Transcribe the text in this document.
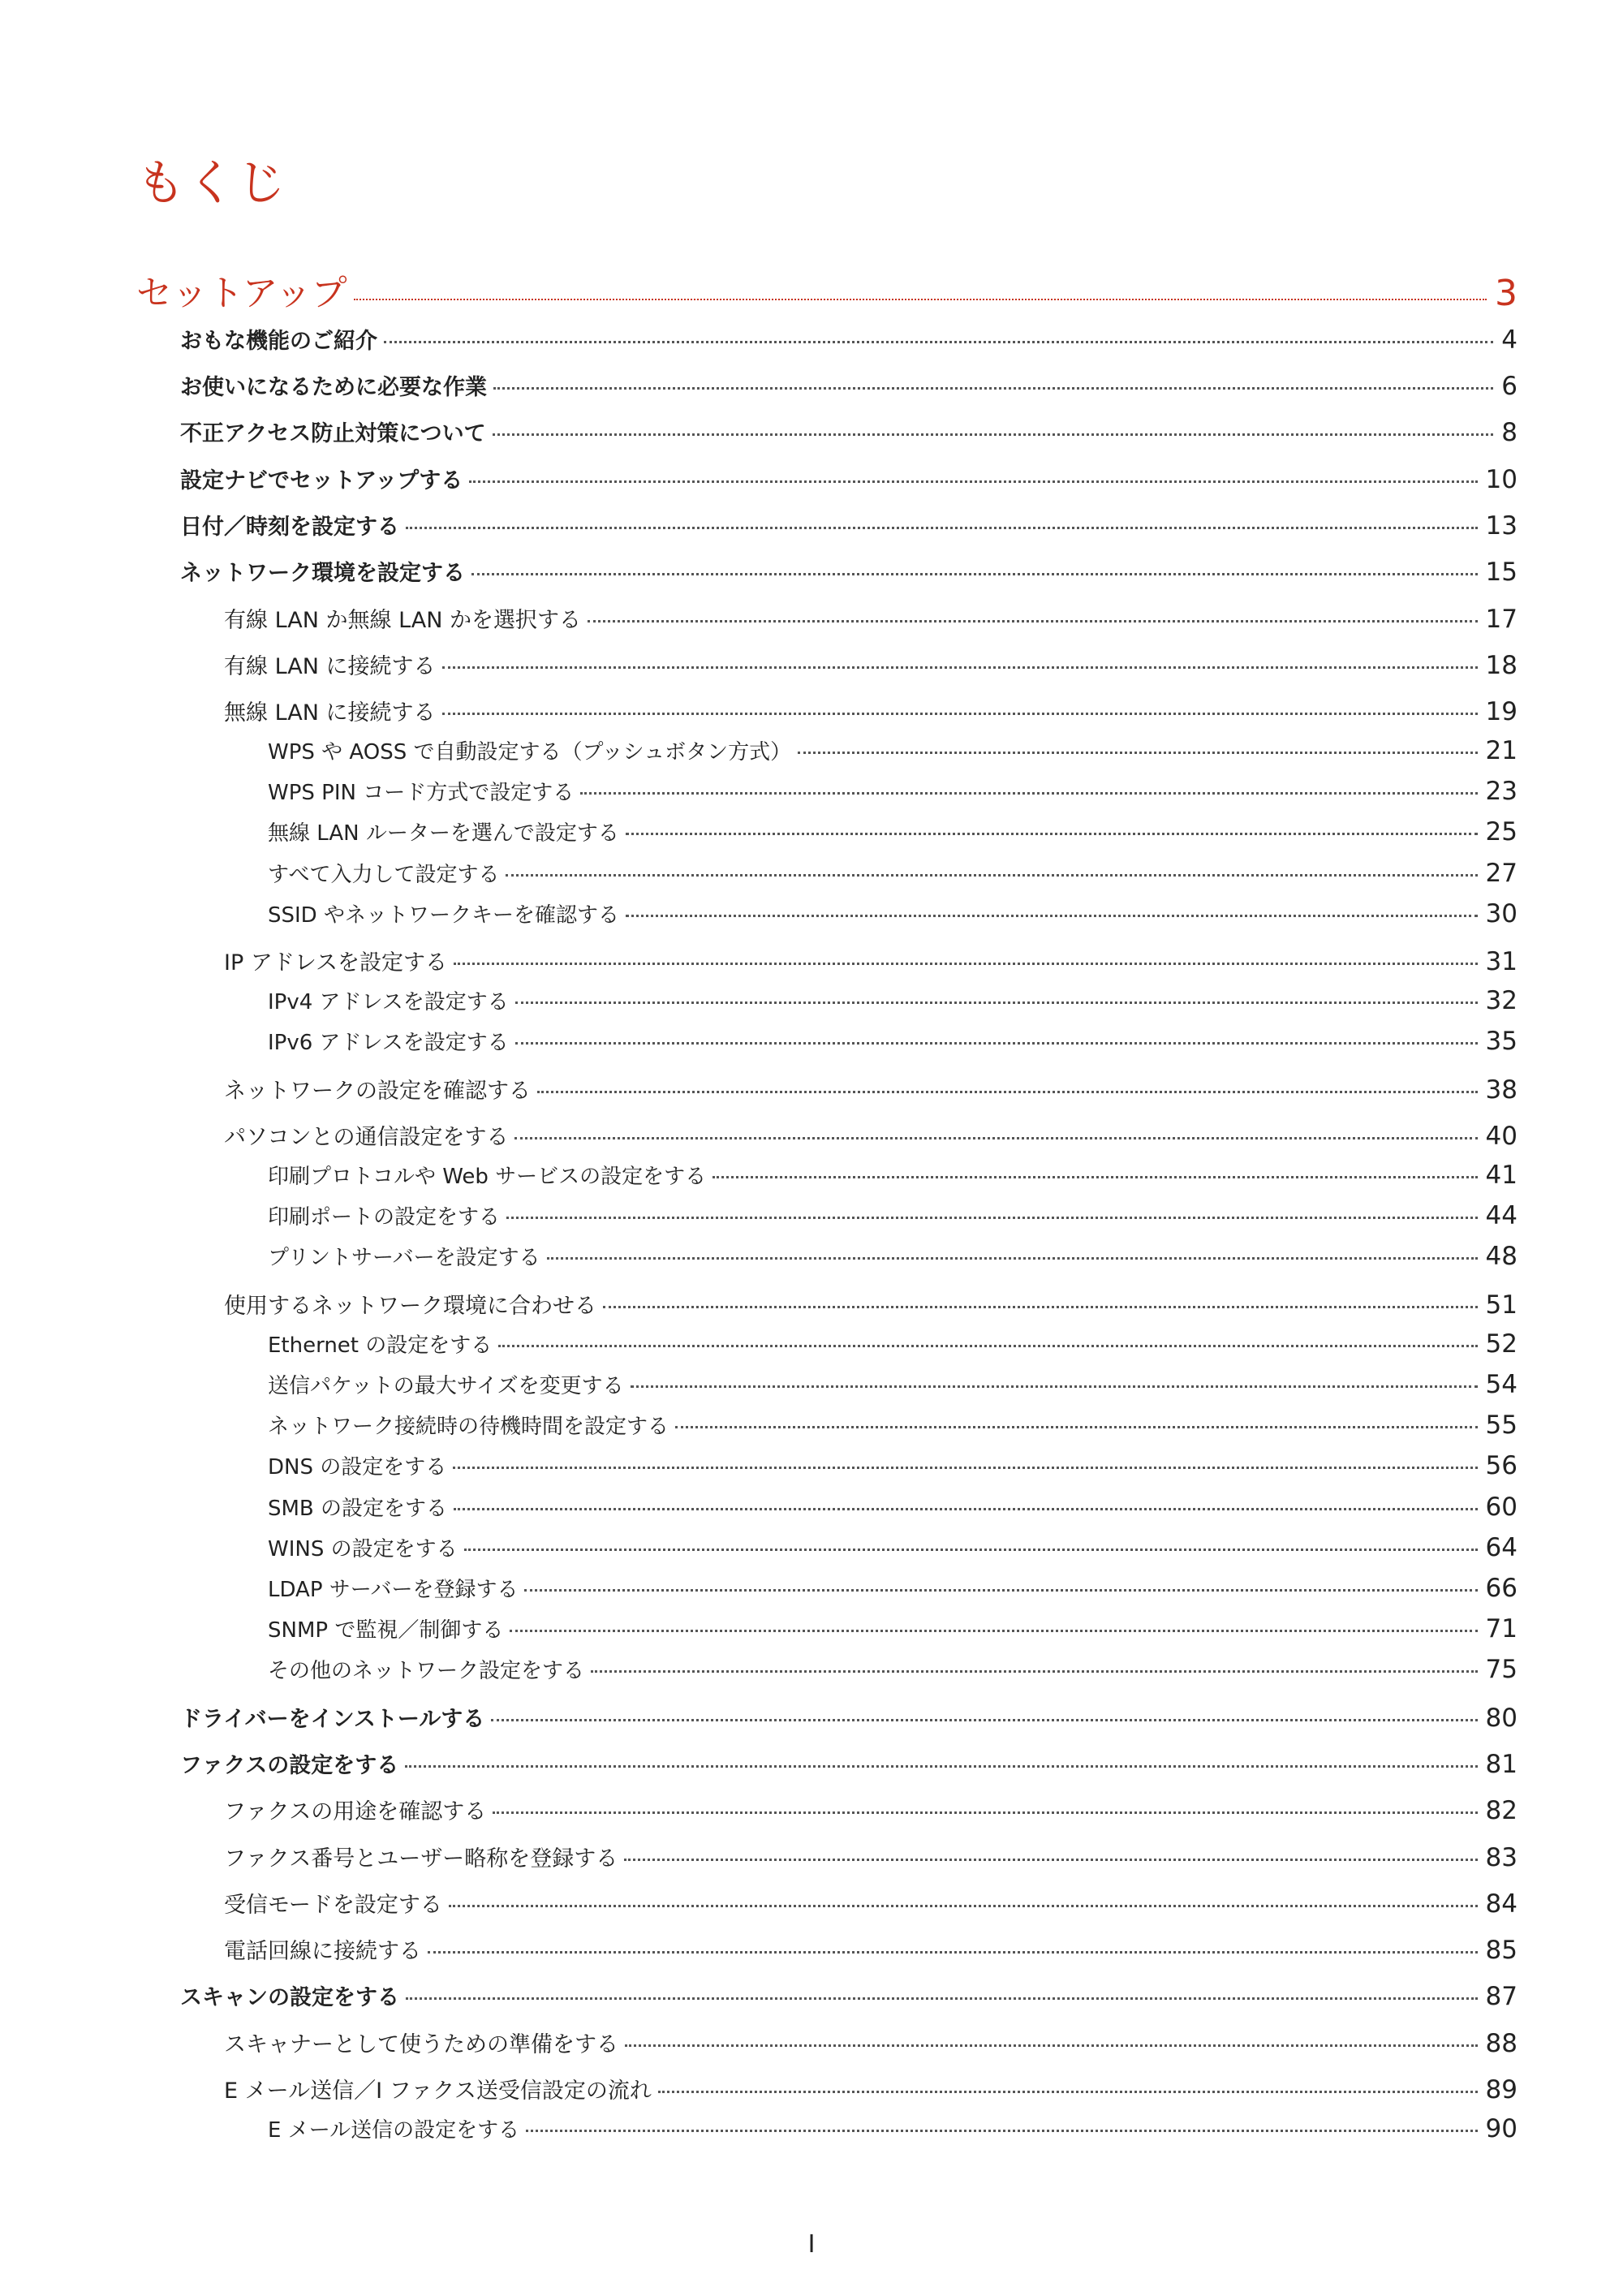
もくじ
セットアップ	3
おもな機能のご紹介	4
お使いになるために必要な作業	6
不正アクセス防止対策について	8
設定ナビでセットアップする	10
日付／時刻を設定する	13
ネットワーク環境を設定する	15
有線 LAN か無線 LAN かを選択する	17
有線 LAN に接続する	18
無線 LAN に接続する	19
WPS や AOSS で自動設定する（プッシュボタン方式）	21
WPS PIN コード方式で設定する	23
無線 LAN ルーターを選んで設定する	25
すべて入力して設定する	27
SSID やネットワークキーを確認する	30
IP アドレスを設定する	31
IPv4 アドレスを設定する	32
IPv6 アドレスを設定する	35
ネットワークの設定を確認する	38
パソコンとの通信設定をする	40
印刷プロトコルや Web サービスの設定をする	41
印刷ポートの設定をする	44
プリントサーバーを設定する	48
使用するネットワーク環境に合わせる	51
Ethernet の設定をする	52
送信パケットの最大サイズを変更する	54
ネットワーク接続時の待機時間を設定する	55
DNS の設定をする	56
SMB の設定をする	60
WINS の設定をする	64
LDAP サーバーを登録する	66
SNMP で監視／制御する	71
その他のネットワーク設定をする	75
ドライバーをインストールする	80
ファクスの設定をする	81
ファクスの用途を確認する	82
ファクス番号とユーザー略称を登録する	83
受信モードを設定する	84
電話回線に接続する	85
スキャンの設定をする	87
スキャナーとして使うための準備をする	88
E メール送信／I ファクス送受信設定の流れ	89
E メール送信の設定をする	90
I
